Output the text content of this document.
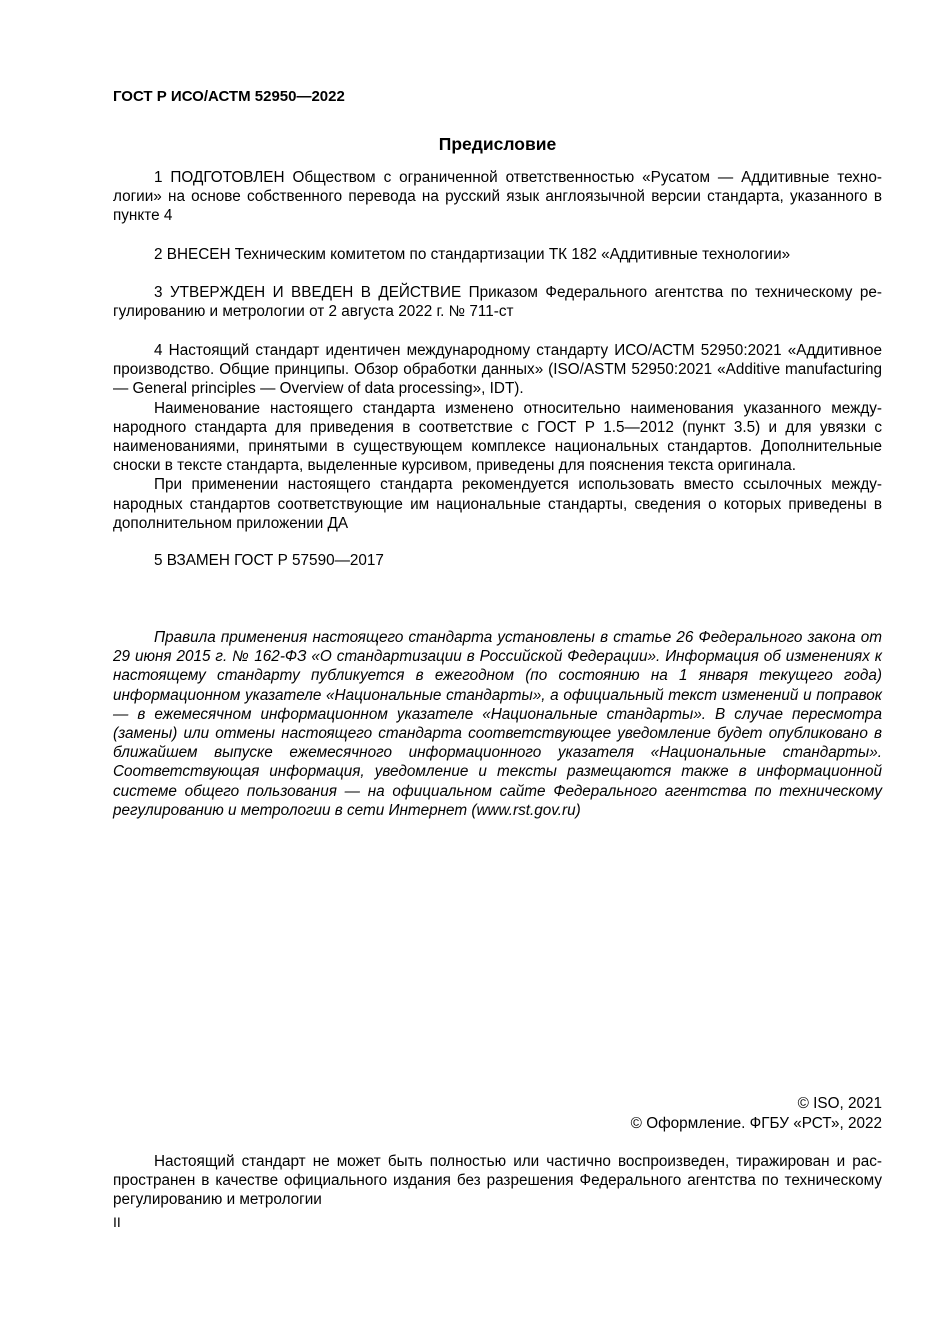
ГОСТ Р ИСО/АСТМ 52950—2022
Предисловие

1 ПОДГОТОВЛЕН Обществом с ограниченной ответственностью «Русатом — Аддитивные технологии» на основе собственного перевода на русский язык англоязычной версии стандарта, указанного в пункте 4

2 ВНЕСЕН Техническим комитетом по стандартизации ТК 182 «Аддитивные технологии»

3 УТВЕРЖДЕН И ВВЕДЕН В ДЕЙСТВИЕ Приказом Федерального агентства по техническому регулированию и метрологии от 2 августа 2022 г. № 711-ст

4 Настоящий стандарт идентичен международному стандарту ИСО/АСТМ 52950:2021 «Аддитивное производство. Общие принципы. Обзор обработки данных» (ISO/ASTM 52950:2021 «Additive manufacturing — General principles — Overview of data processing», IDT).

Наименование настоящего стандарта изменено относительно наименования указанного международного стандарта для приведения в соответствие с ГОСТ Р 1.5—2012 (пункт 3.5) и для увязки с наименованиями, принятыми в существующем комплексе национальных стандартов. Дополнительные сноски в тексте стандарта, выделенные курсивом, приведены для пояснения текста оригинала.

При применении настоящего стандарта рекомендуется использовать вместо ссылочных международных стандартов соответствующие им национальные стандарты, сведения о которых приведены в дополнительном приложении ДА

5 ВЗАМЕН ГОСТ Р 57590—2017

Правила применения настоящего стандарта установлены в статье 26 Федерального закона от 29 июня 2015 г. № 162-ФЗ «О стандартизации в Российской Федерации». Информация об изменениях к настоящему стандарту публикуется в ежегодном (по состоянию на 1 января текущего года) информационном указателе «Национальные стандарты», а официальный текст изменений и поправок — в ежемесячном информационном указателе «Национальные стандарты». В случае пересмотра (замены) или отмены настоящего стандарта соответствующее уведомление будет опубликовано в ближайшем выпуске ежемесячного информационного указателя «Национальные стандарты». Соответствующая информация, уведомление и тексты размещаются также в информационной системе общего пользования — на официальном сайте Федерального агентства по техническому регулированию и метрологии в сети Интернет (www.rst.gov.ru)

© ISO, 2021
© Оформление. ФГБУ «РСТ», 2022

Настоящий стандарт не может быть полностью или частично воспроизведен, тиражирован и распространен в качестве официального издания без разрешения Федерального агентства по техническому регулированию и метрологии

II
